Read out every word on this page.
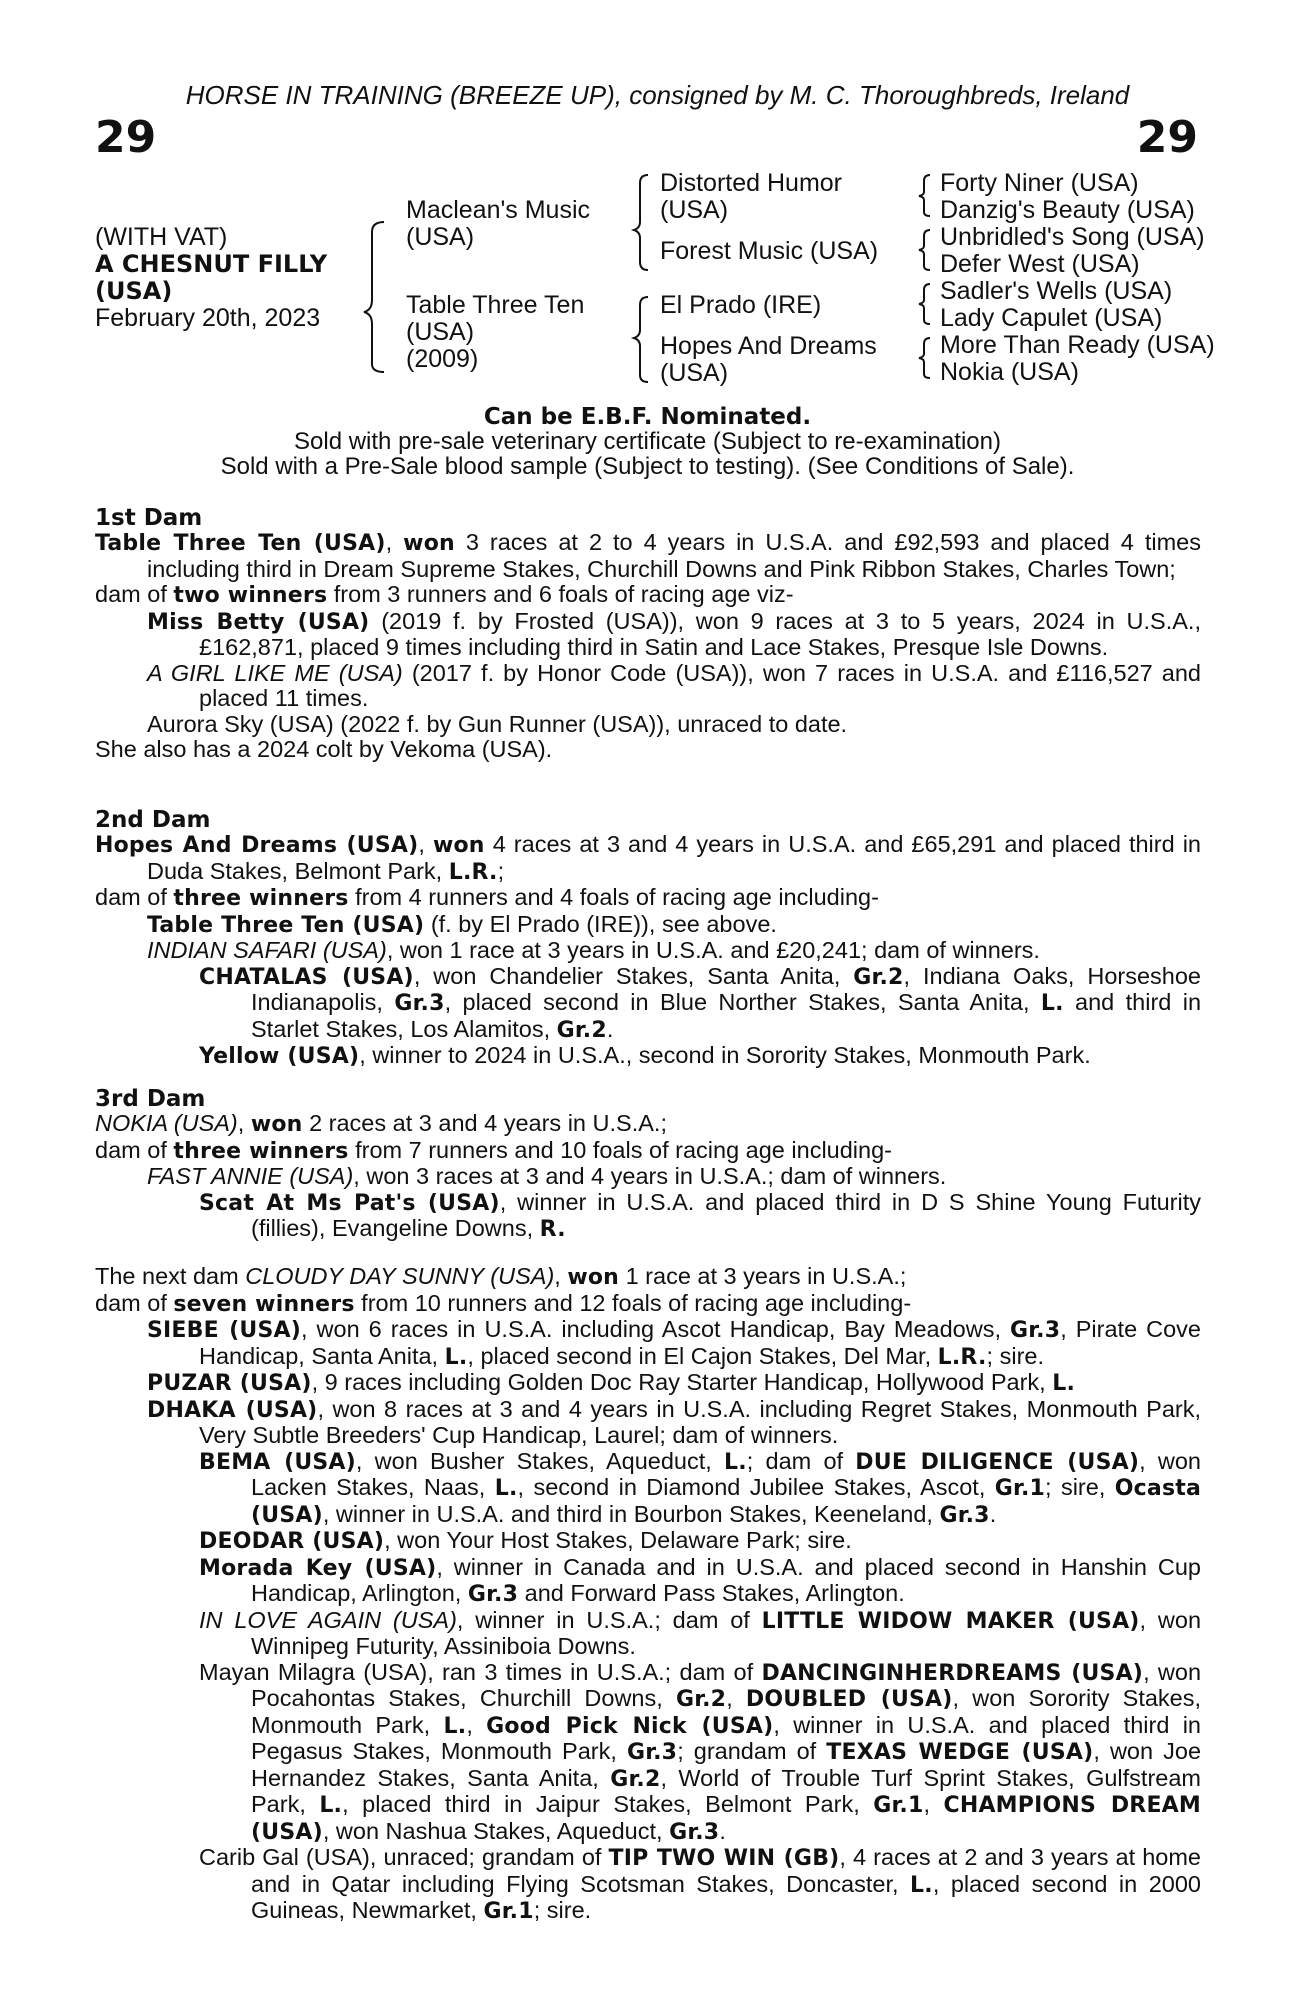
HORSE IN TRAINING (BREEZE UP), consigned by M. C. Thoroughbreds, Ireland
29	29
(WITH VAT)
A CHESNUT FILLY
(USA)
February 20th, 2023
Maclean's Music
(USA)
Table Three Ten
(USA)
(2009)
Distorted Humor
(USA)
Forest Music (USA)
El Prado (IRE)
Hopes And Dreams
(USA)
Forty Niner (USA)
Danzig's Beauty (USA)
Unbridled's Song (USA)
Defer West (USA)
Sadler's Wells (USA)
Lady Capulet (USA)
More Than Ready (USA)
Nokia (USA)
Can be E.B.F. Nominated.
Sold with pre-sale veterinary certificate (Subject to re-examination)
Sold with a Pre-Sale blood sample (Subject to testing). (See Conditions of Sale).
1st Dam
Table Three Ten (USA), won 3 races at 2 to 4 years in U.S.A. and £92,593 and placed 4 times including third in Dream Supreme Stakes, Churchill Downs and Pink Ribbon Stakes, Charles Town;
dam of two winners from 3 runners and 6 foals of racing age viz-
Miss Betty (USA) (2019 f. by Frosted (USA)), won 9 races at 3 to 5 years, 2024 in U.S.A., £162,871, placed 9 times including third in Satin and Lace Stakes, Presque Isle Downs.
A GIRL LIKE ME (USA) (2017 f. by Honor Code (USA)), won 7 races in U.S.A. and £116,527 and placed 11 times.
Aurora Sky (USA) (2022 f. by Gun Runner (USA)), unraced to date.
She also has a 2024 colt by Vekoma (USA).
2nd Dam
Hopes And Dreams (USA), won 4 races at 3 and 4 years in U.S.A. and £65,291 and placed third in Duda Stakes, Belmont Park, L.R.;
dam of three winners from 4 runners and 4 foals of racing age including-
Table Three Ten (USA) (f. by El Prado (IRE)), see above.
INDIAN SAFARI (USA), won 1 race at 3 years in U.S.A. and £20,241; dam of winners.
CHATALAS (USA), won Chandelier Stakes, Santa Anita, Gr.2, Indiana Oaks, Horseshoe Indianapolis, Gr.3, placed second in Blue Norther Stakes, Santa Anita, L. and third in Starlet Stakes, Los Alamitos, Gr.2.
Yellow (USA), winner to 2024 in U.S.A., second in Sorority Stakes, Monmouth Park.
3rd Dam
NOKIA (USA), won 2 races at 3 and 4 years in U.S.A.;
dam of three winners from 7 runners and 10 foals of racing age including-
FAST ANNIE (USA), won 3 races at 3 and 4 years in U.S.A.; dam of winners.
Scat At Ms Pat's (USA), winner in U.S.A. and placed third in D S Shine Young Futurity (fillies), Evangeline Downs, R.
The next dam CLOUDY DAY SUNNY (USA), won 1 race at 3 years in U.S.A.;
dam of seven winners from 10 runners and 12 foals of racing age including-
SIEBE (USA), won 6 races in U.S.A. including Ascot Handicap, Bay Meadows, Gr.3, Pirate Cove Handicap, Santa Anita, L., placed second in El Cajon Stakes, Del Mar, L.R.; sire.
PUZAR (USA), 9 races including Golden Doc Ray Starter Handicap, Hollywood Park, L.
DHAKA (USA), won 8 races at 3 and 4 years in U.S.A. including Regret Stakes, Monmouth Park, Very Subtle Breeders' Cup Handicap, Laurel; dam of winners.
BEMA (USA), won Busher Stakes, Aqueduct, L.; dam of DUE DILIGENCE (USA), won Lacken Stakes, Naas, L., second in Diamond Jubilee Stakes, Ascot, Gr.1; sire, Ocasta (USA), winner in U.S.A. and third in Bourbon Stakes, Keeneland, Gr.3.
DEODAR (USA), won Your Host Stakes, Delaware Park; sire.
Morada Key (USA), winner in Canada and in U.S.A. and placed second in Hanshin Cup Handicap, Arlington, Gr.3 and Forward Pass Stakes, Arlington.
IN LOVE AGAIN (USA), winner in U.S.A.; dam of LITTLE WIDOW MAKER (USA), won Winnipeg Futurity, Assiniboia Downs.
Mayan Milagra (USA), ran 3 times in U.S.A.; dam of DANCINGINHERDREAMS (USA), won Pocahontas Stakes, Churchill Downs, Gr.2, DOUBLED (USA), won Sorority Stakes, Monmouth Park, L., Good Pick Nick (USA), winner in U.S.A. and placed third in Pegasus Stakes, Monmouth Park, Gr.3; grandam of TEXAS WEDGE (USA), won Joe Hernandez Stakes, Santa Anita, Gr.2, World of Trouble Turf Sprint Stakes, Gulfstream Park, L., placed third in Jaipur Stakes, Belmont Park, Gr.1, CHAMPIONS DREAM (USA), won Nashua Stakes, Aqueduct, Gr.3.
Carib Gal (USA), unraced; grandam of TIP TWO WIN (GB), 4 races at 2 and 3 years at home and in Qatar including Flying Scotsman Stakes, Doncaster, L., placed second in 2000 Guineas, Newmarket, Gr.1; sire.
